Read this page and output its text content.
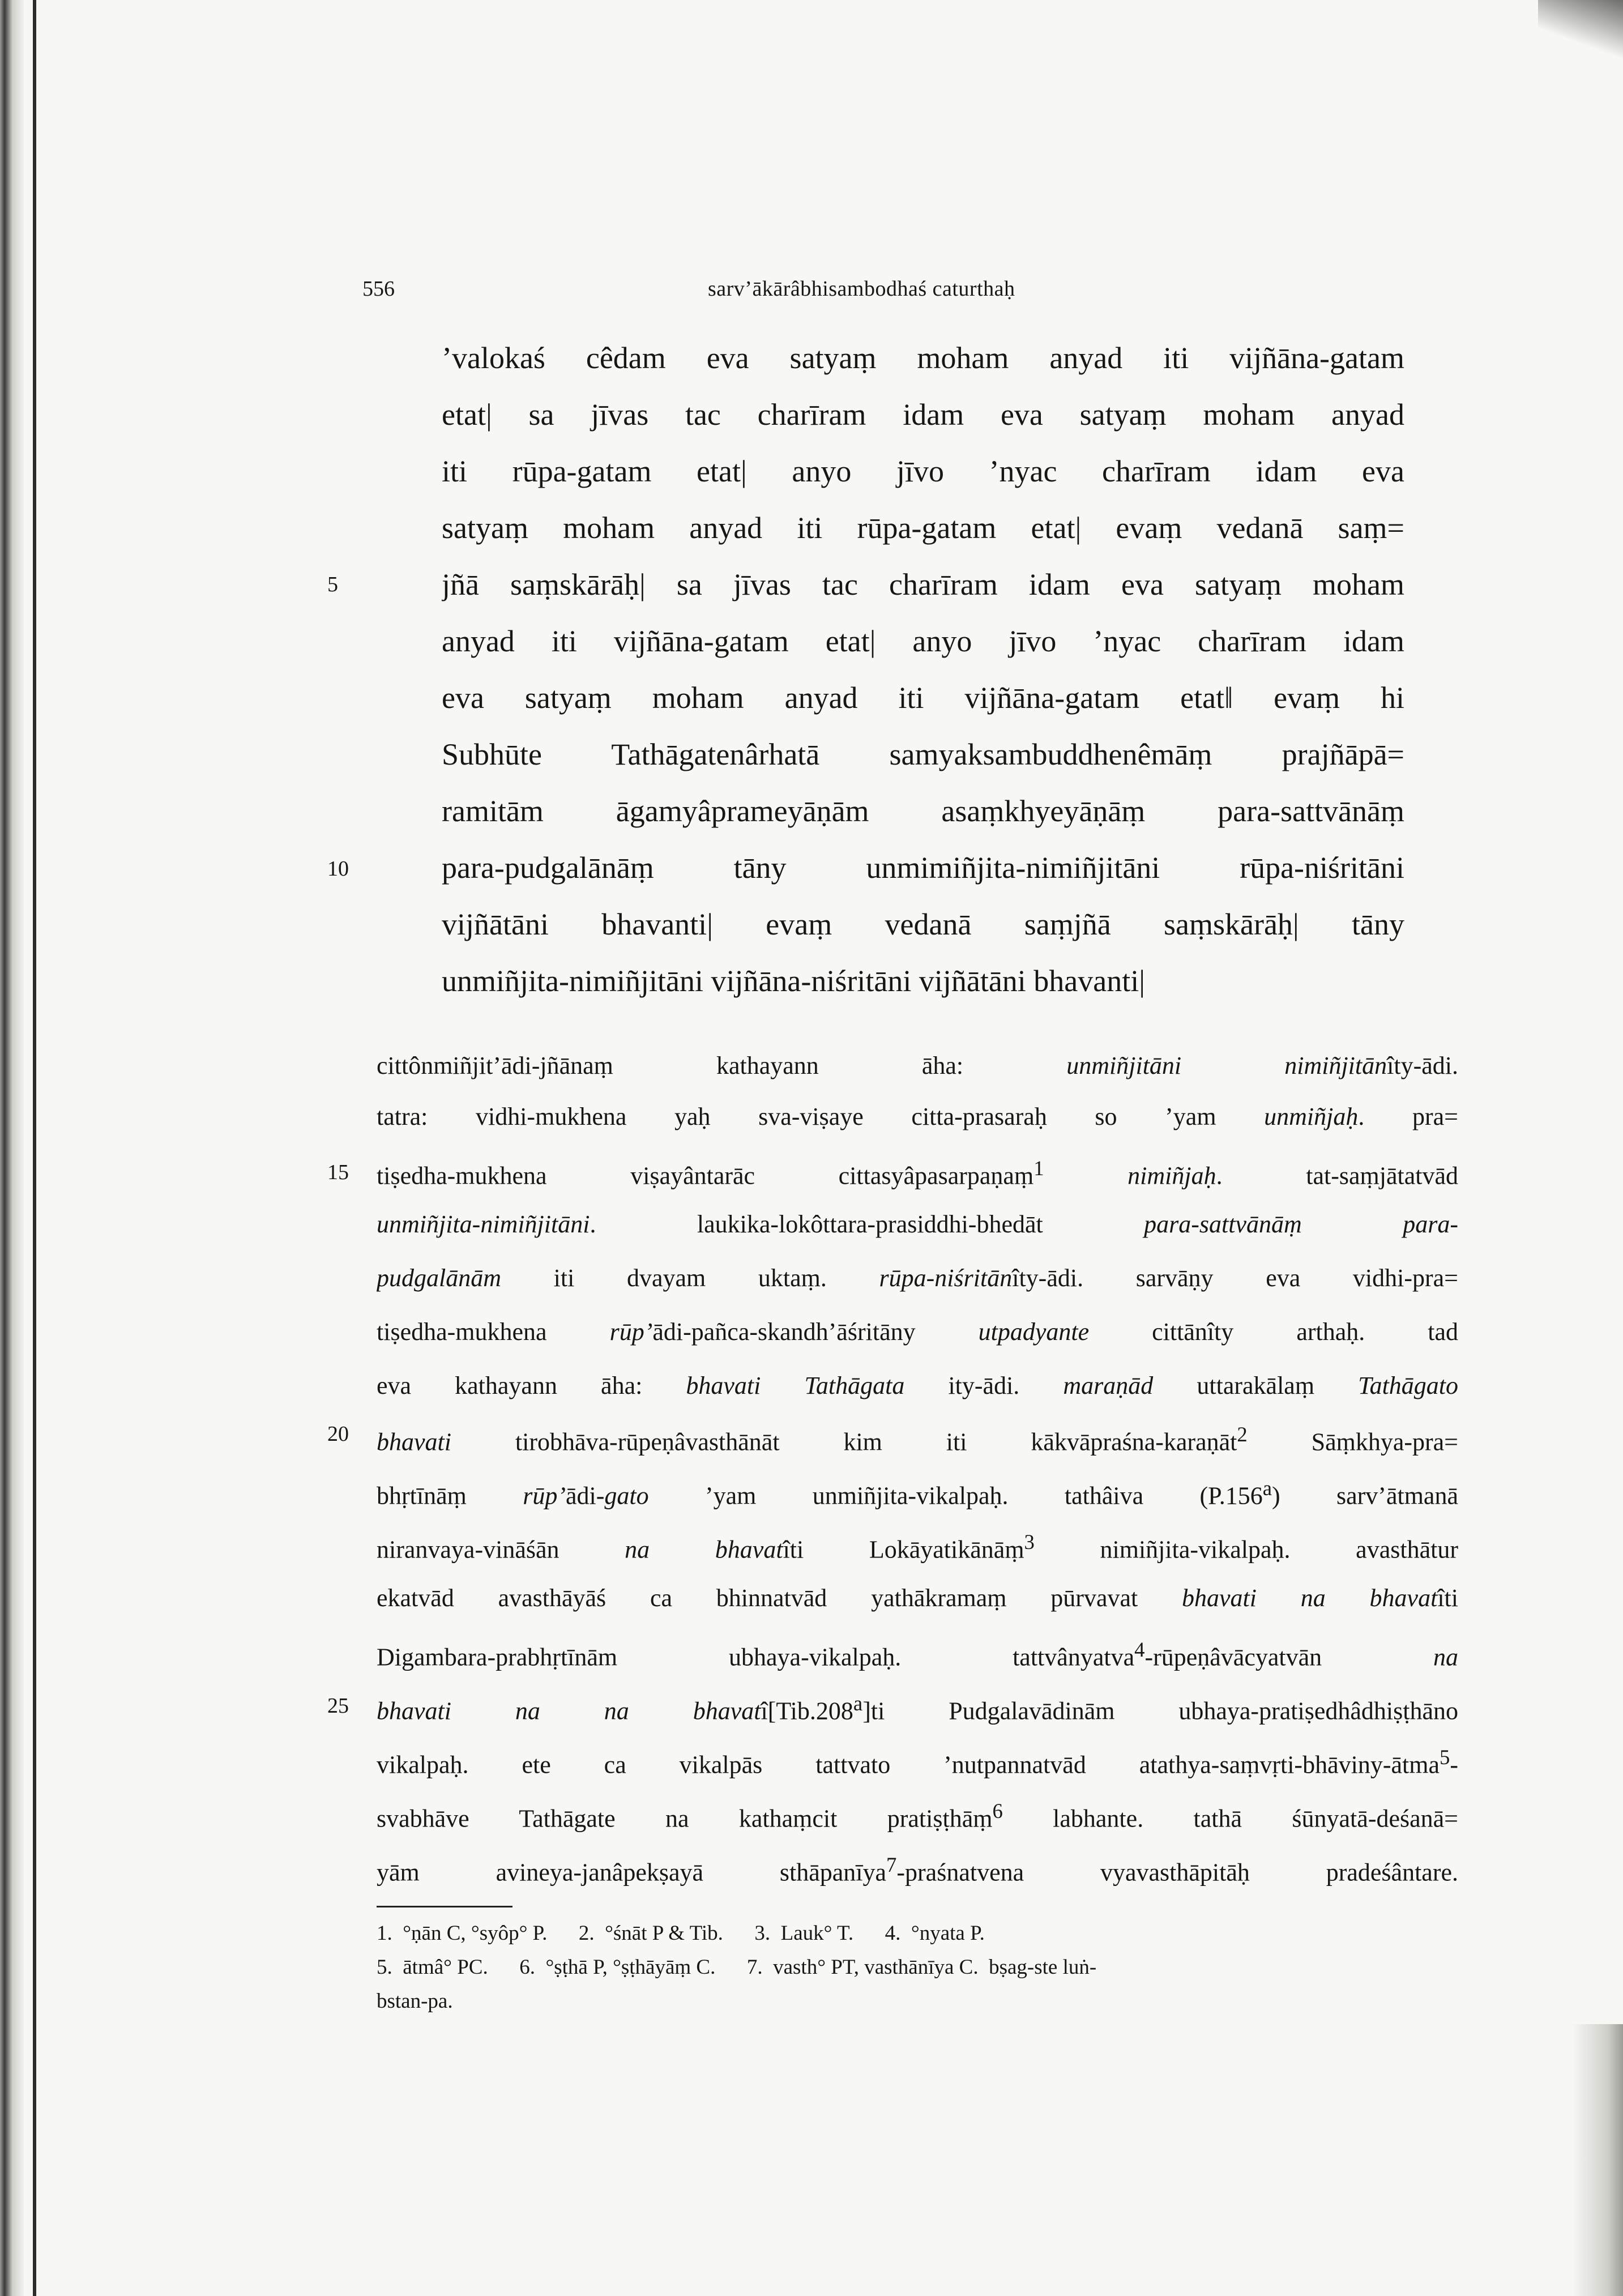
556	sarv’ākārâbhisambodhaś caturthaḥ
5
10
15
20
25
’valokaś cêdam eva satyaṃ moham anyad iti vijñāna-gatam
etat| sa jīvas tac charīram idam eva satyaṃ moham anyad
iti rūpa-gatam etat| anyo jīvo ’nyac charīram idam eva
satyaṃ moham anyad iti rūpa-gatam etat| evaṃ vedanā saṃ=
jñā saṃskārāḥ| sa jīvas tac charīram idam eva satyaṃ moham
anyad iti vijñāna-gatam etat| anyo jīvo ’nyac charīram idam
eva satyaṃ moham anyad iti vijñāna-gatam etat‖ evaṃ hi
Subhūte Tathāgatenârhatā samyaksambuddhenêmāṃ prajñāpā=
ramitām āgamyâprameyāṇām asaṃkhyeyāṇāṃ para-sattvānāṃ
para-pudgalānāṃ tāny unmimiñjita-nimiñjitāni rūpa-niśritāni
vijñātāni bhavanti| evaṃ vedanā saṃjñā saṃskārāḥ| tāny
unmiñjita-nimiñjitāni vijñāna-niśritāni vijñātāni bhavanti|
cittônmiñjit’ādi-jñānaṃ kathayann āha: unmiñjitāni nimiñjitānîty-ādi.
tatra: vidhi-mukhena yaḥ sva-viṣaye citta-prasaraḥ so ’yam unmiñjaḥ. pra=
tiṣedha-mukhena viṣayântarāc cittasyâpasarpaṇaṃ$^1$	nimiñjaḥ. tat-saṃjātatvād
unmiñjita-nimiñjitāni. laukika-lokôttara-prasiddhi-bhedāt para-sattvānāṃ para-
pudgalānām iti dvayam uktaṃ. rūpa-niśritānîty-ādi. sarvāṇy eva vidhi-pra=
tiṣedha-mukhena rūp’ādi-pañca-skandh’āśritāny utpadyante cittānîty arthaḥ. tad
eva kathayann āha: bhavati Tathāgata ity-ādi. maraṇād uttarakālaṃ Tathāgato
bhavati tirobhāva-rūpeṇâvasthānāt kim iti kākvāpraśna-karaṇāt$^2$ Sāṃkhya-pra=
bhṛtīnāṃ rūp’ādi-gato ’yam unmiñjita-vikalpaḥ. tathâiva (P.156$^a$) sarv’ātmanā
niranvaya-vināśān na bhavatîti Lokāyatikānāṃ$^3$ nimiñjita-vikalpaḥ. avasthātur
ekatvād avasthāyāś ca bhinnatvād yathākramaṃ pūrvavat bhavati na bhavatîti
Digambara-prabhṛtīnām ubhaya-vikalpaḥ. tattvânyatva$^4$-rūpeṇâvācyatvān na
bhavati na na bhavatî[Tib.208$^a$]ti Pudgalavādinām ubhaya-pratiṣedhâdhiṣṭhāno
vikalpaḥ. ete ca vikalpās tattvato ’nutpannatvād atathya-saṃvṛti-bhāviny-ātma$^5$-
svabhāve Tathāgate na kathaṃcit pratiṣṭhāṃ$^6$ labhante. tathā śūnyatā-deśanā=
yām avineya-janâpekṣayā sthāpanīya$^7$-praśnatvena vyavasthāpitāḥ pradeśântare.
1.  °ṇān C, °syôp° P.      2.  °śnāt P & Tib.      3.  Lauk° T.      4.  °nyata P.
5.  ātmâ° PC.      6.  °ṣṭhā P, °ṣṭhāyāṃ C.      7.  vasth° PT, vasthānīya C.  bṣag-ste luṅ-
bstan-pa.
